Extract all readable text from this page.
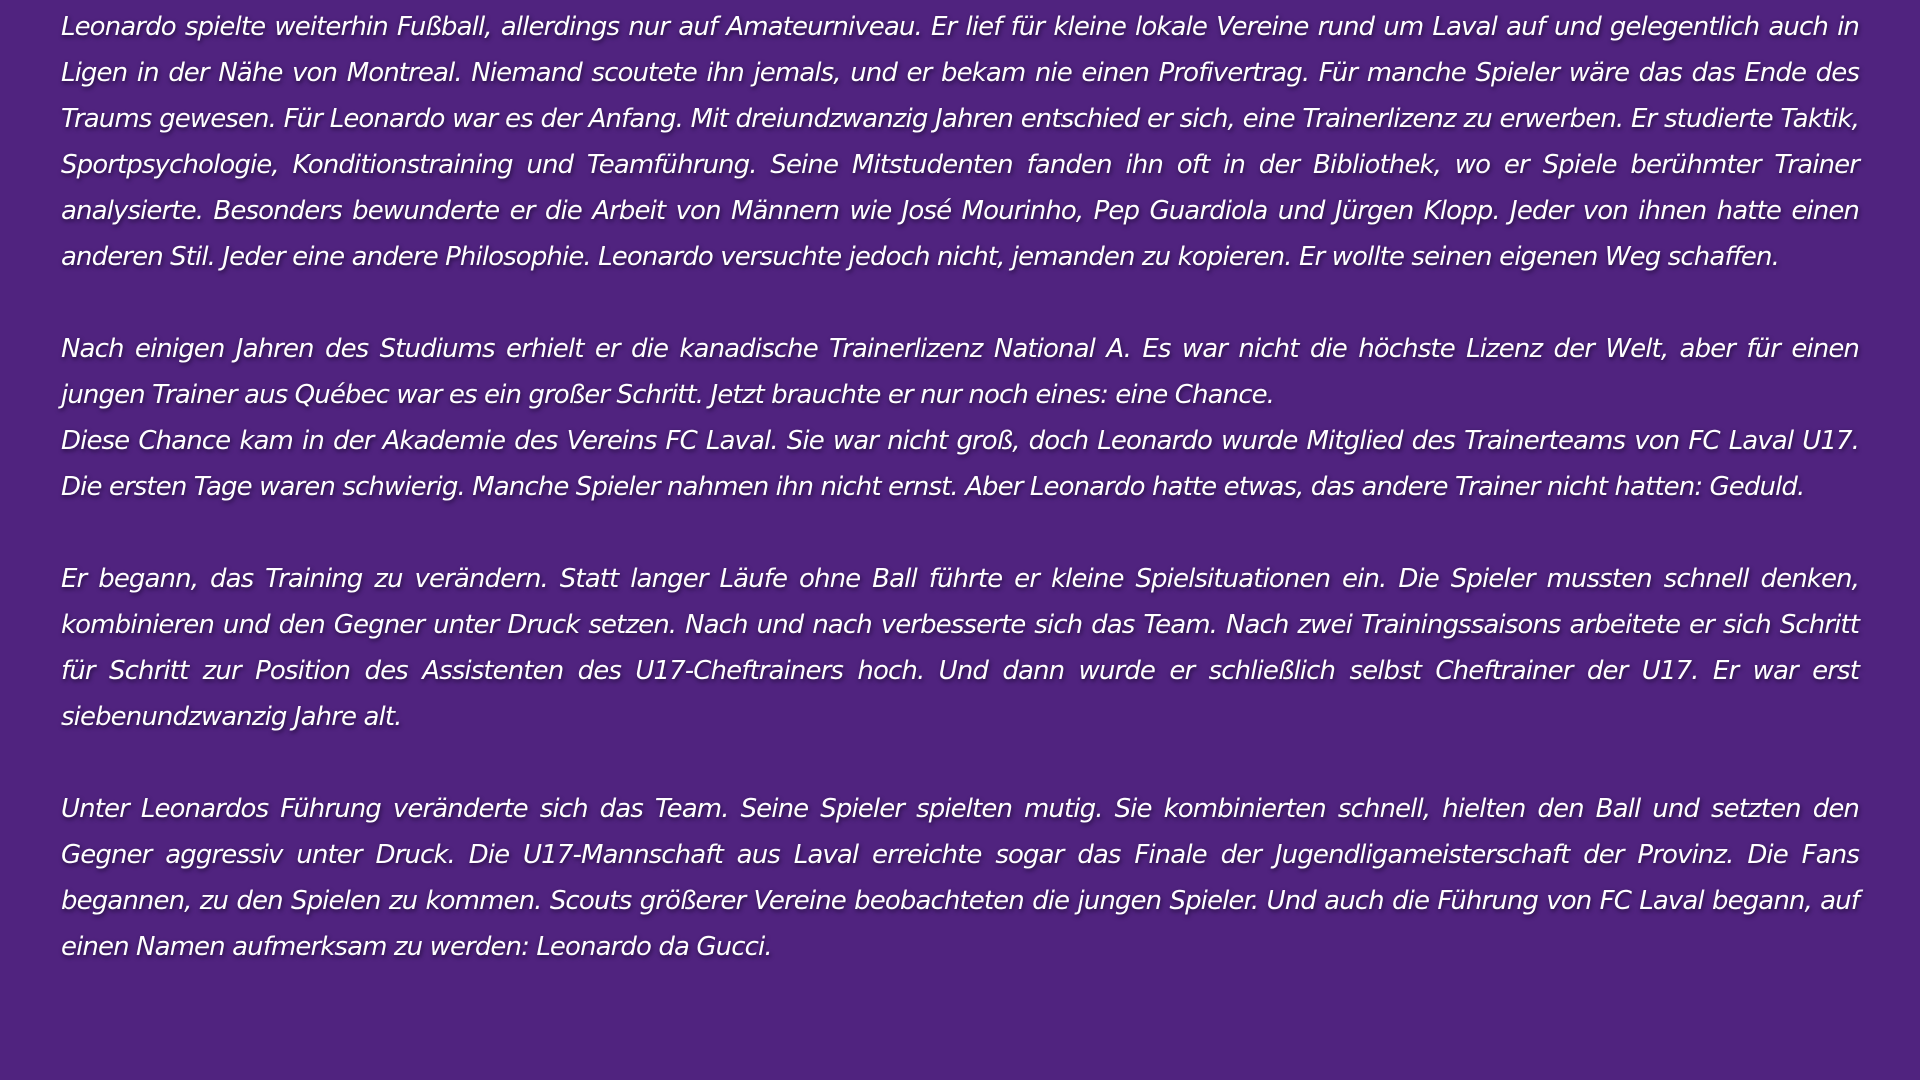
Leonardo spielte weiterhin Fußball, allerdings nur auf Amateurniveau. Er lief für kleine lokale Vereine rund um Laval auf und gelegentlich auch in Ligen in der Nähe von Montreal. Niemand scoutete ihn jemals, und er bekam nie einen Profivertrag. Für manche Spieler wäre das das Ende des Traums gewesen. Für Leonardo war es der Anfang. Mit dreiundzwanzig Jahren entschied er sich, eine Trainerlizenz zu erwerben. Er studierte Taktik, Sportpsychologie, Konditionstraining und Teamführung. Seine Mitstudenten fanden ihn oft in der Bibliothek, wo er Spiele berühmter Trainer analysierte. Besonders bewunderte er die Arbeit von Männern wie José Mourinho, Pep Guardiola und Jürgen Klopp. Jeder von ihnen hatte einen anderen Stil. Jeder eine andere Philosophie. Leonardo versuchte jedoch nicht, jemanden zu kopieren. Er wollte seinen eigenen Weg schaffen.

Nach einigen Jahren des Studiums erhielt er die kanadische Trainerlizenz National A. Es war nicht die höchste Lizenz der Welt, aber für einen jungen Trainer aus Québec war es ein großer Schritt. Jetzt brauchte er nur noch eines: eine Chance.

Diese Chance kam in der Akademie des Vereins FC Laval. Sie war nicht groß, doch Leonardo wurde Mitglied des Trainerteams von FC Laval U17. Die ersten Tage waren schwierig. Manche Spieler nahmen ihn nicht ernst. Aber Leonardo hatte etwas, das andere Trainer nicht hatten: Geduld.

Er begann, das Training zu verändern. Statt langer Läufe ohne Ball führte er kleine Spielsituationen ein. Die Spieler mussten schnell denken, kombinieren und den Gegner unter Druck setzen. Nach und nach verbesserte sich das Team. Nach zwei Trainingssaisons arbeitete er sich Schritt für Schritt zur Position des Assistenten des U17-Cheftrainers hoch. Und dann wurde er schließlich selbst Cheftrainer der U17. Er war erst siebenundzwanzig Jahre alt.

Unter Leonardos Führung veränderte sich das Team. Seine Spieler spielten mutig. Sie kombinierten schnell, hielten den Ball und setzten den Gegner aggressiv unter Druck. Die U17-Mannschaft aus Laval erreichte sogar das Finale der Jugendligameisterschaft der Provinz. Die Fans begannen, zu den Spielen zu kommen. Scouts größerer Vereine beobachteten die jungen Spieler. Und auch die Führung von FC Laval begann, auf einen Namen aufmerksam zu werden: Leonardo da Gucci.
